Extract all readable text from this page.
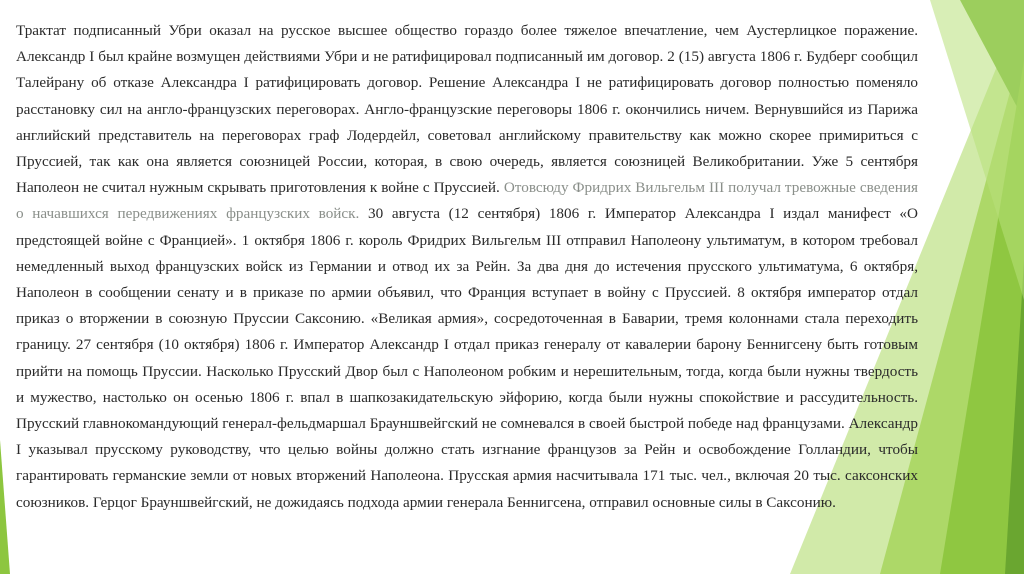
Трактат подписанный Убри оказал на русское высшее общество гораздо более тяжелое впечатление, чем Аустерлицкое поражение. Александр I был крайне возмущен действиями Убри и не ратифицировал подписанный им договор. 2 (15) августа 1806 г. Будберг сообщил Талейрану об отказе Александра I ратифицировать договор. Решение Александра I не ратифицировать договор полностью поменяло расстановку сил на англо-французских переговорах. Англо-французские переговоры 1806 г. окончились ничем. Вернувшийся из Парижа английский представитель на переговорах граф Лодердейл, советовал английскому правительству как можно скорее примириться с Пруссией, так как она является союзницей России, которая, в свою очередь, является союзницей Великобритании. Уже 5 сентября Наполеон не считал нужным скрывать приготовления к войне с Пруссией. Отовсюду Фридрих Вильгельм III получал тревожные сведения о начавшихся передвижениях французских войск. 30 августа (12 сентября) 1806 г. Император Александра I издал манифест «О предстоящей войне с Францией». 1 октября 1806 г. король Фридрих Вильгельм III отправил Наполеону ультиматум, в котором требовал немедленный выход французских войск из Германии и отвод их за Рейн. За два дня до истечения прусского ультиматума, 6 октября, Наполеон в сообщении сенату и в приказе по армии объявил, что Франция вступает в войну с Пруссией. 8 октября император отдал приказ о вторжении в союзную Пруссии Саксонию. «Великая армия», сосредоточенная в Баварии, тремя колоннами стала переходить границу. 27 сентября (10 октября) 1806 г. Император Александр I отдал приказ генералу от кавалерии барону Беннигсену быть готовым прийти на помощь Пруссии. Насколько Прусский Двор был с Наполеоном робким и нерешительным, тогда, когда были нужны твердость и мужество, настолько он осенью 1806 г. впал в шапкозакидательскую эйфорию, когда были нужны спокойствие и рассудительность. Прусский главнокомандующий генерал-фельдмаршал Брауншвейгский не сомневался в своей быстрой победе над французами. Александр I указывал прусскому руководству, что целью войны должно стать изгнание французов за Рейн и освобождение Голландии, чтобы гарантировать германские земли от новых вторжений Наполеона. Прусская армия насчитывала 171 тыс. чел., включая 20 тыс. саксонских союзников. Герцог Брауншвейгский, не дожидаясь подхода армии генерала Беннигсена, отправил основные силы в Саксонию.
